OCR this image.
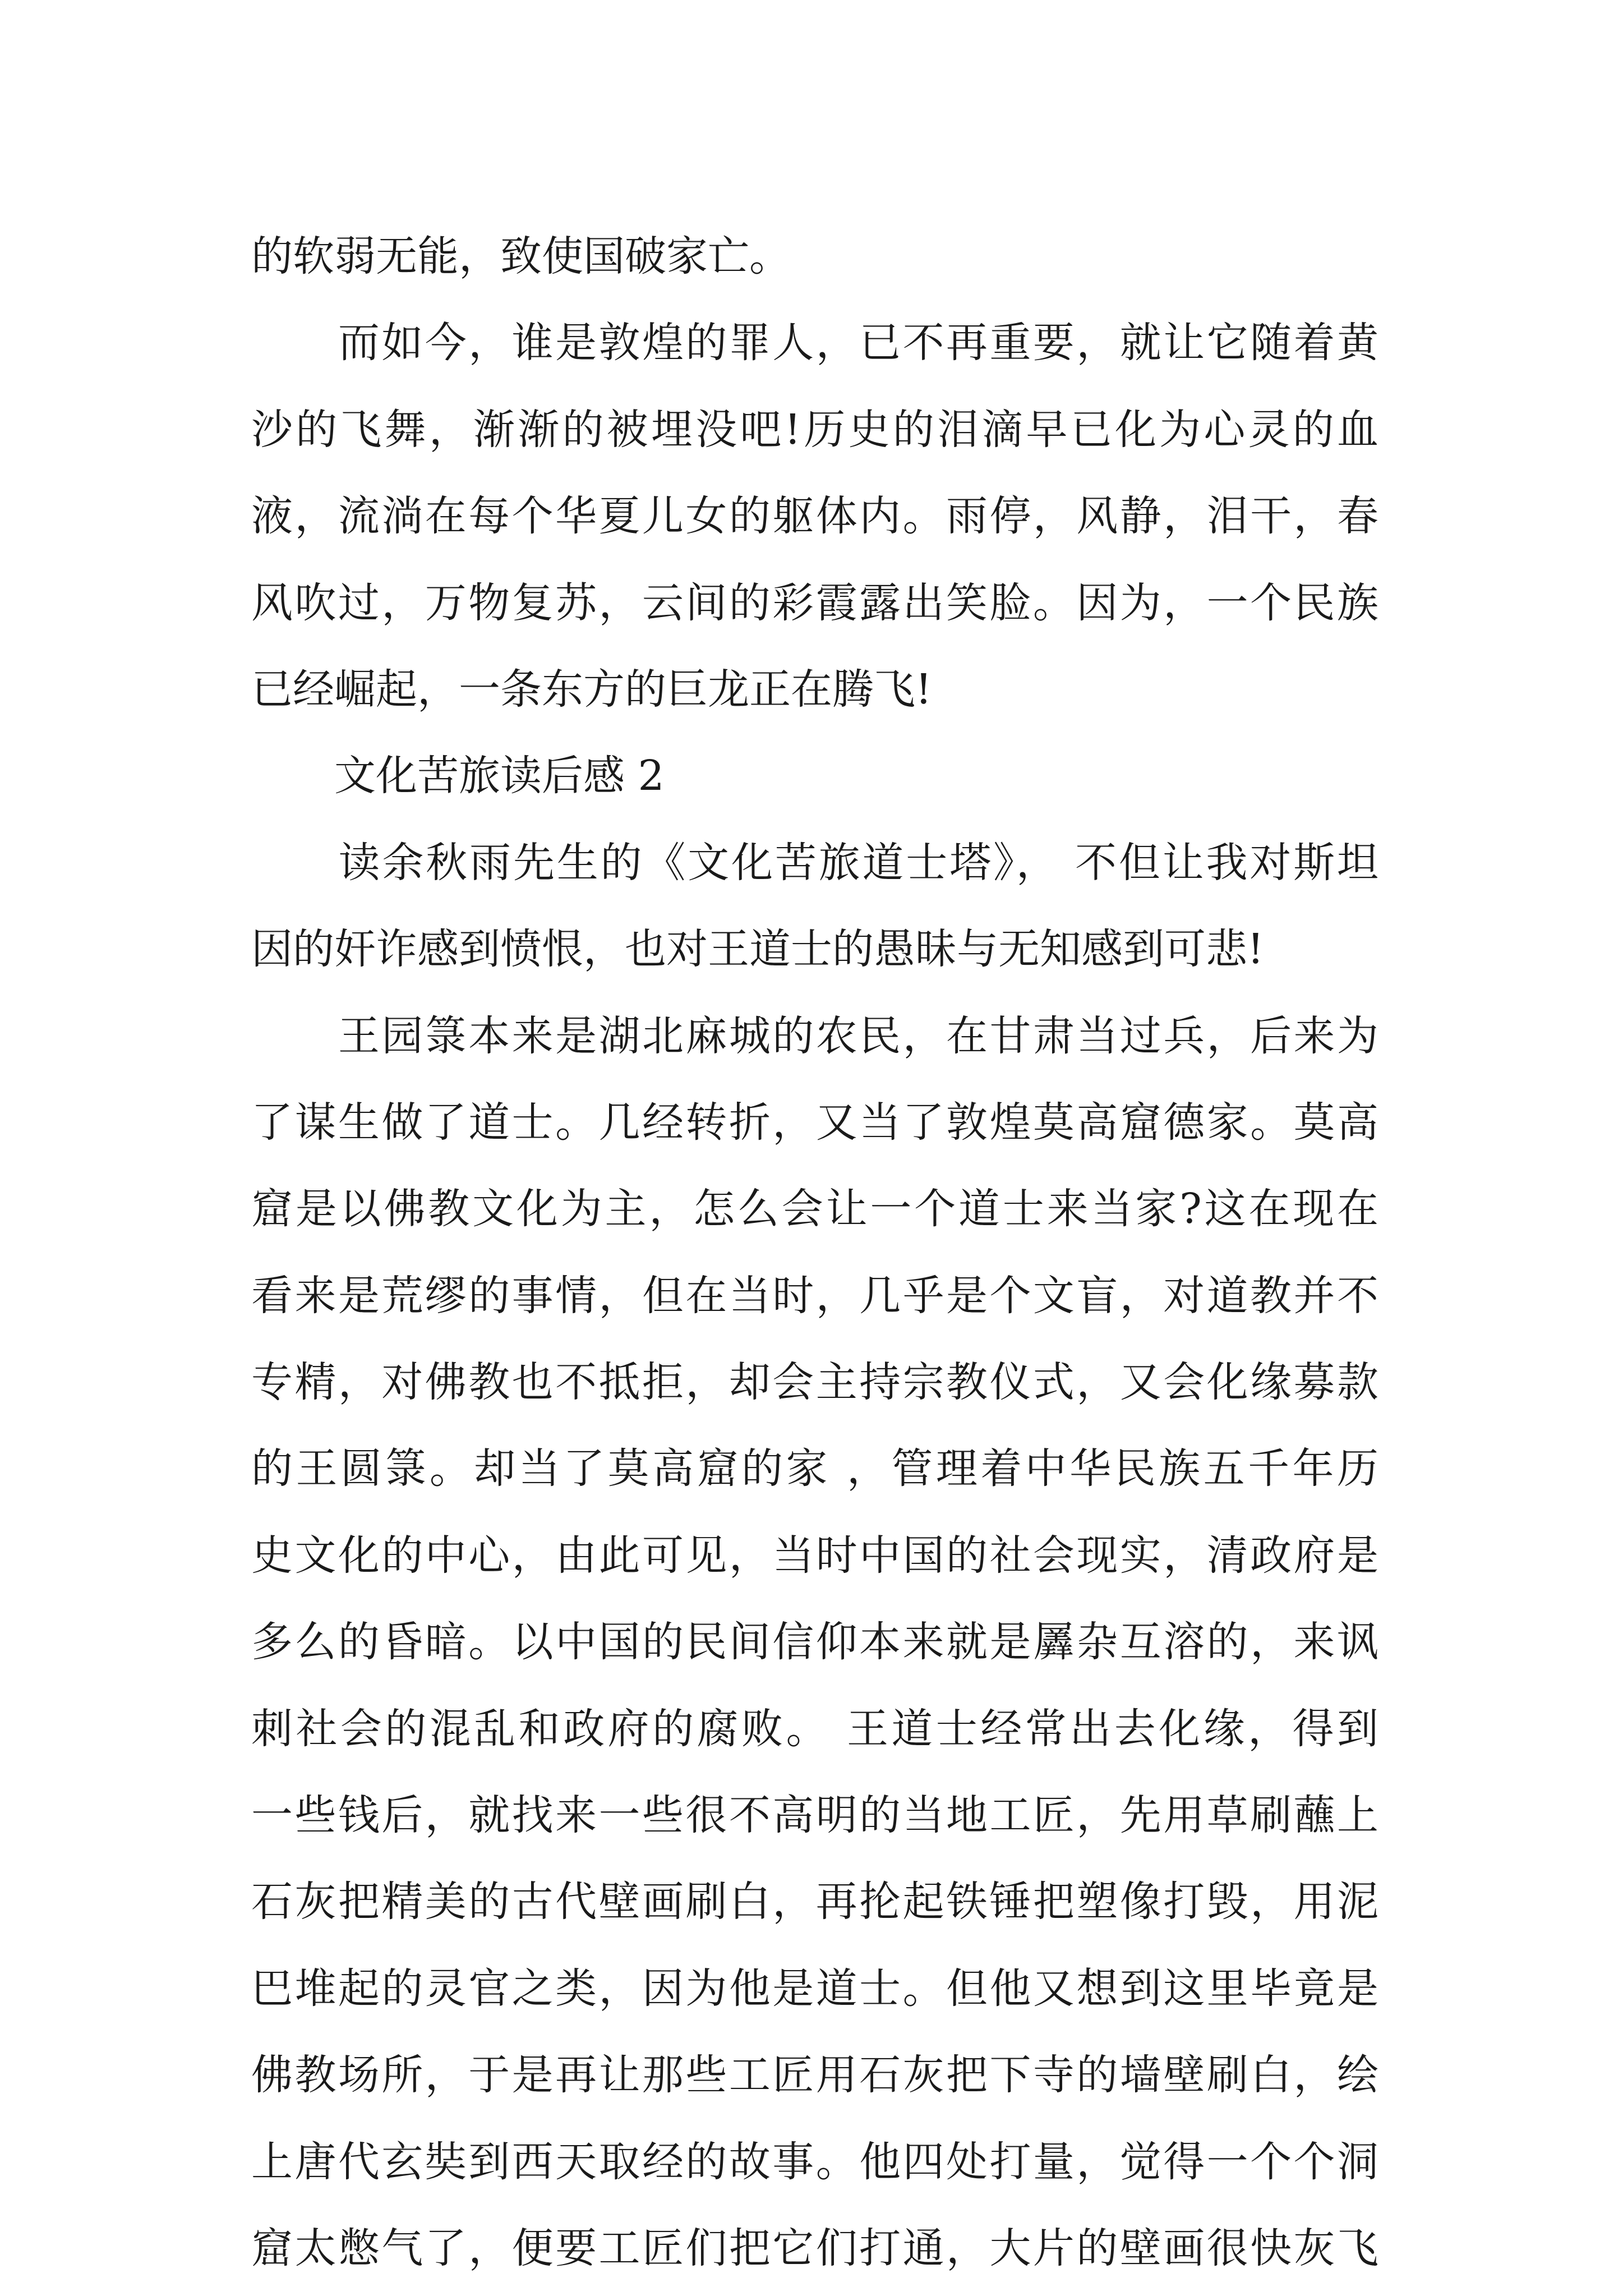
的软弱无能，致使国破家亡。
　　而如今，谁是敦煌的罪人，已不再重要，就让它随着黄
沙的飞舞，渐渐的被埋没吧!历史的泪滴早已化为心灵的血
液，流淌在每个华夏儿女的躯体内。雨停，风静，泪干，春
风吹过，万物复苏，云间的彩霞露出笑脸。因为，一个民族
已经崛起，一条东方的巨龙正在腾飞!
　　文化苦旅读后感 2
　　读余秋雨先生的《文化苦旅道士塔》， 不但让我对斯坦
因的奸诈感到愤恨，也对王道士的愚昧与无知感到可悲!
　　王园箓本来是湖北麻城的农民，在甘肃当过兵，后来为
了谋生做了道士。几经转折，又当了敦煌莫高窟德家。莫高
窟是以佛教文化为主，怎么会让一个道士来当家?这在现在
看来是荒缪的事情，但在当时，几乎是个文盲，对道教并不
专精，对佛教也不抵拒，却会主持宗教仪式，又会化缘募款
的王圆箓。却当了莫高窟的家 ，管理着中华民族五千年历
史文化的中心，由此可见，当时中国的社会现实，清政府是
多么的昏暗。以中国的民间信仰本来就是羼杂互溶的，来讽
刺社会的混乱和政府的腐败。 王道士经常出去化缘，得到
一些钱后，就找来一些很不高明的当地工匠，先用草刷蘸上
石灰把精美的古代壁画刷白，再抡起铁锤把塑像打毁，用泥
巴堆起的灵官之类，因为他是道士。但他又想到这里毕竟是
佛教场所，于是再让那些工匠用石灰把下寺的墙壁刷白，绘
上唐代玄奘到西天取经的故事。他四处打量，觉得一个个洞
窟太憋气了，便要工匠们把它们打通，大片的壁画很快灰飞
